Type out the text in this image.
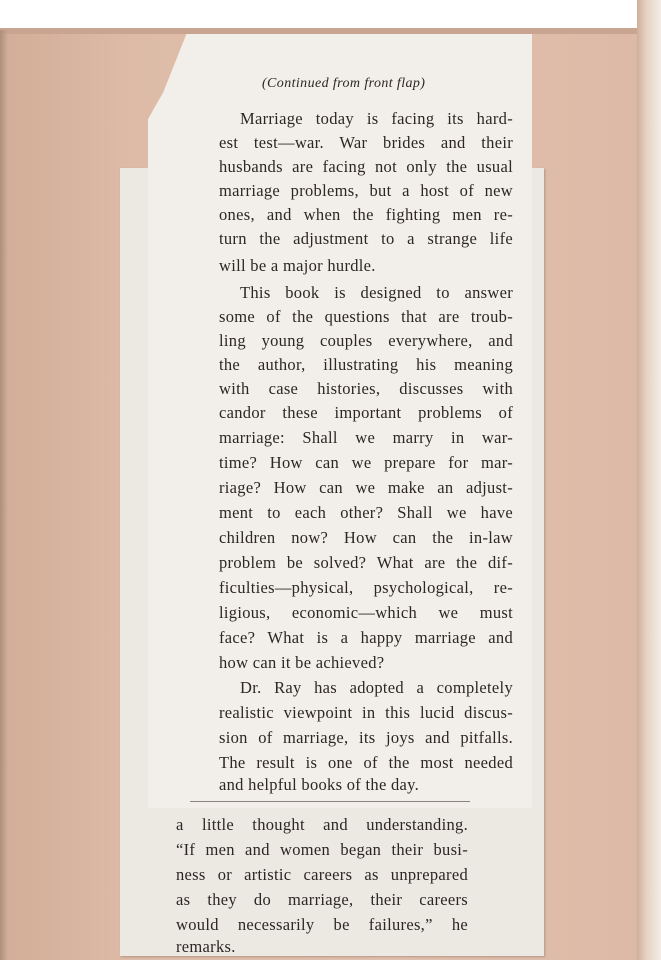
(Continued from front flap)
Marriage today is facing its hard-
est test—war. War brides and their
husbands are facing not only the usual
marriage problems, but a host of new
ones, and when the fighting men re-
turn the adjustment to a strange life
will be a major hurdle.
This book is designed to answer
some of the questions that are troub-
ling young couples everywhere, and
the author, illustrating his meaning
with case histories, discusses with
candor these important problems of
marriage: Shall we marry in war-
time? How can we prepare for mar-
riage? How can we make an adjust-
ment to each other? Shall we have
children now? How can the in-law
problem be solved? What are the dif-
ficulties—physical, psychological, re-
ligious, economic—which we must
face? What is a happy marriage and
how can it be achieved?
Dr. Ray has adopted a completely
realistic viewpoint in this lucid discus-
sion of marriage, its joys and pitfalls.
The result is one of the most needed
and helpful books of the day.
a little thought and understanding.
“If men and women began their busi-
ness or artistic careers as unprepared
as they do marriage, their careers
would necessarily be failures,” he
remarks.
